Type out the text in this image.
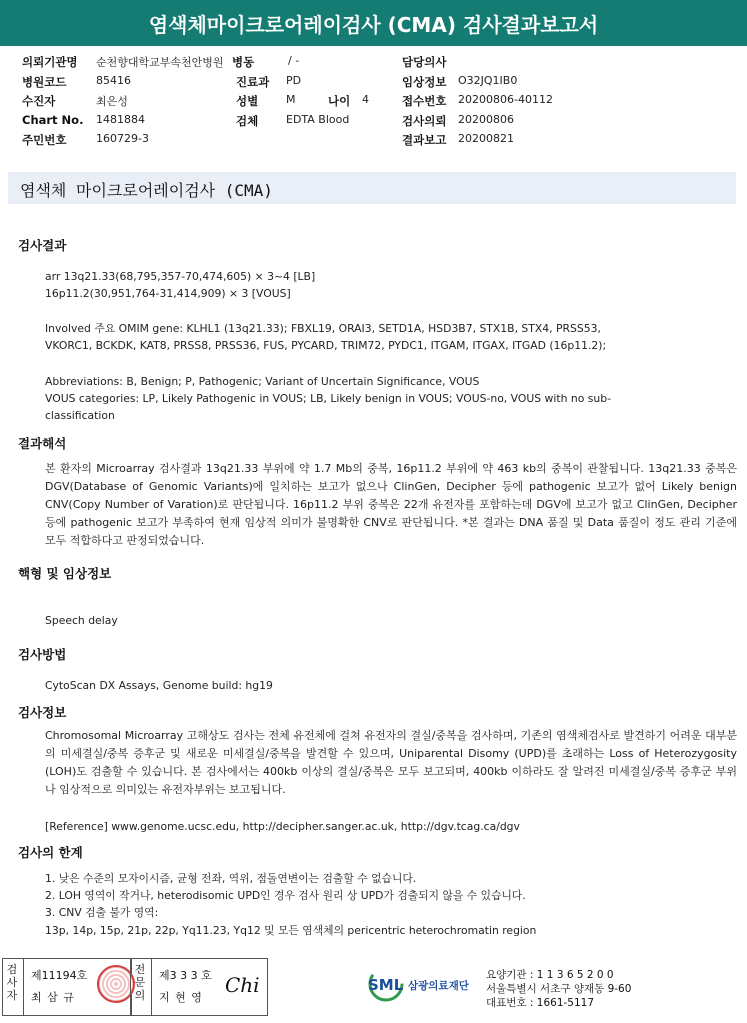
염색체마이크로어레이검사 (CMA) 검사결과보고서
의뢰기관명 순천향대학교부속천안병원 병동	/ -	담당의사
병원코드	85416	진료과 PD	임상정보 O32JQ1IB0
수진자	최은성	성별	M	나이 4	접수번호 20200806-40112
Chart No. 1481884	검체	EDTA Blood	검사의뢰 20200806
주민번호	160729-3	결과보고 20200821
염색체 마이크로어레이검사 (CMA)
검사결과
arr 13q21.33(68,795,357-70,474,605) × 3~4 [LB]
16p11.2(30,951,764-31,414,909) × 3 [VOUS]
Involved 주요 OMIM gene: KLHL1 (13q21.33); FBXL19, ORAI3, SETD1A, HSD3B7, STX1B, STX4, PRSS53,
VKORC1, BCKDK, KAT8, PRSS8, PRSS36, FUS, PYCARD, TRIM72, PYDC1, ITGAM, ITGAX, ITGAD (16p11.2);
Abbreviations: B, Benign; P, Pathogenic; Variant of Uncertain Significance, VOUS
VOUS categories: LP, Likely Pathogenic in VOUS; LB, Likely benign in VOUS; VOUS-no, VOUS with no sub-
classification
결과해석
본 환자의 Microarray 검사결과 13q21.33 부위에 약 1.7 Mb의 중복, 16p11.2 부위에 약 463 kb의 중복이 관찰됩니다. 13q21.33 중복은 DGV(Database of Genomic Variants)에 일치하는 보고가 없으나 ClinGen, Decipher 등에 pathogenic 보고가 없어 Likely benign CNV(Copy Number of Varation)로 판단됩니다. 16p11.2 부위 중복은 22개 유전자를 포함하는데 DGV에 보고가 없고 ClinGen, Decipher 등에 pathogenic 보고가 부족하여 현재 임상적 의미가 불명확한 CNV로 판단됩니다. *본 결과는 DNA 품질 및 Data 품질이 정도 관리 기준에 모두 적합하다고 판정되었습니다.
핵형 및 임상정보
Speech delay
검사방법
CytoScan DX Assays, Genome build: hg19
검사정보
Chromosomal Microarray 고해상도 검사는 전체 유전체에 걸쳐 유전자의 결실/중복을 검사하며, 기존의 염색체검사로 발견하기 어려운 대부분의 미세결실/중복 증후군 및 새로운 미세결실/중복을 발견할 수 있으며, Uniparental Disomy (UPD)를 초래하는 Loss of Heterozygosity (LOH)도 검출할 수 있습니다. 본 검사에서는 400kb 이상의 결실/중복은 모두 보고되며, 400kb 이하라도 잘 알려진 미세결실/중복 증후군 부위나 임상적으로 의미있는 유전자부위는 보고됩니다.
[Reference] www.genome.ucsc.edu, http://decipher.sanger.ac.uk, http://dgv.tcag.ca/dgv
검사의 한계
1. 낮은 수준의 모자이시즘, 균형 전좌, 역위, 점돌연변이는 검출할 수 없습니다.
2. LOH 영역이 작거나, heterodisomic UPD인 경우 검사 원리 상 UPD가 검출되지 않을 수 있습니다.
3. CNV 검출 불가 영역:
13p, 14p, 15p, 21p, 22p, Yq11.23, Yq12 및 모든 염색체의 pericentric heterochromatin region
검사자
제11194호
최 삼 규
전문의
제3 3 3 호
지 현 영
Chi	SML 삼광의료재단
요양기관 : 1 1 3 6 5 2 0 0
서울특별시 서초구 양재동 9-60
대표번호 : 1661-5117
